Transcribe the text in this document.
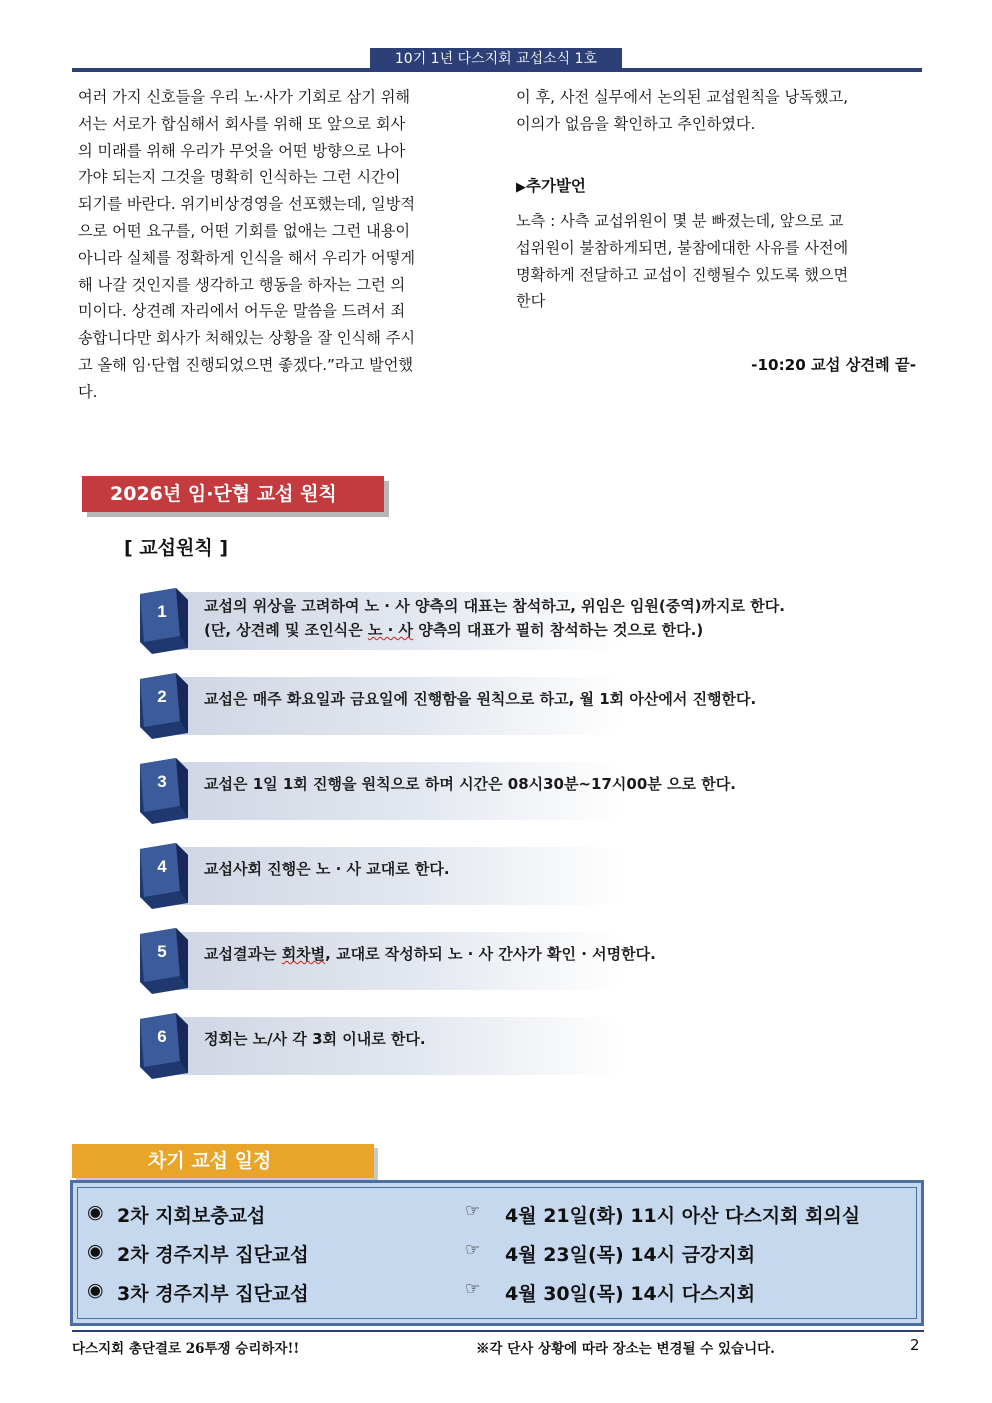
10기 1년 다스지회 교섭소식 1호
여러 가지 신호들을 우리 노·사가 기회로 삼기 위해
서는 서로가 합심해서 회사를 위해 또 앞으로 회사
의 미래를 위해 우리가 무엇을 어떤 방향으로 나아
가야 되는지 그것을 명확히 인식하는 그런 시간이
되기를 바란다. 위기비상경영을 선포했는데, 일방적
으로 어떤 요구를, 어떤 기회를 없애는 그런 내용이
아니라 실체를 정확하게 인식을 해서 우리가 어떻게
해 나갈 것인지를 생각하고 행동을 하자는 그런 의
미이다. 상견례 자리에서 어두운 말씀을 드려서 죄
송합니다만 회사가 처해있는 상황을 잘 인식해 주시
고 올해 임·단협 진행되었으면 좋겠다.”라고 발언했
다.
이 후, 사전 실무에서 논의된 교섭원칙을 낭독했고,
이의가 없음을 확인하고 추인하였다.
▶추가발언
노측 : 사측 교섭위원이 몇 분 빠졌는데, 앞으로 교
섭위원이 불참하게되면, 불참에대한 사유를 사전에
명확하게 전달하고 교섭이 진행될수 있도록 했으면
한다
-10:20 교섭 상견례 끝-
2026년 임·단협 교섭 원칙
[ 교섭원칙 ]
1	교섭의 위상을 고려하여 노 · 사 양측의 대표는 참석하고, 위임은 임원(중역)까지로 한다.
(단, 상견례 및 조인식은 노 · 사 양측의 대표가 필히 참석하는 것으로 한다.)
2	교섭은 매주 화요일과 금요일에 진행함을 원칙으로 하고, 월 1회 아산에서 진행한다.
3	교섭은 1일 1회 진행을 원칙으로 하며 시간은 08시30분~17시00분 으로 한다.
4	교섭사회 진행은 노 · 사 교대로 한다.
5	교섭결과는 회차별, 교대로 작성하되 노 · 사 간사가 확인 · 서명한다.
6	정회는 노/사 각 3회 이내로 한다.
차기 교섭 일정
◉ 2차 지회보충교섭	☞ 4월 21일(화) 11시 아산 다스지회 회의실
◉ 2차 경주지부 집단교섭	☞ 4월 23일(목) 14시 금강지회
◉ 3차 경주지부 집단교섭	☞ 4월 30일(목) 14시 다스지회
다스지회 총단결로 26투쟁 승리하자!!	※각 단사 상황에 따라 장소는 변경될 수 있습니다.	2
